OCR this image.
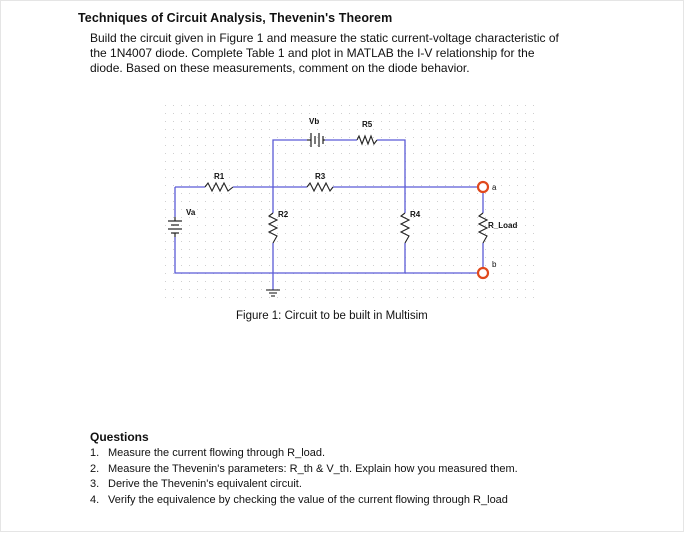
Techniques of Circuit Analysis, Thevenin's Theorem
Build the circuit given in Figure 1 and measure the static current-voltage characteristic of
the 1N4007 diode. Complete Table 1 and plot in MATLAB the I-V relationship for the
diode. Based on these measurements, comment on the diode behavior.
Vb	R5
R1	R3
Va	R2	R4
R_Load
a
b
Figure 1: Circuit to be built in Multisim
Questions
1. Measure the current flowing through R_load.
2. Measure the Thevenin's parameters: R_th & V_th. Explain how you measured them.
3. Derive the Thevenin's equivalent circuit.
4. Verify the equivalence by checking the value of the current flowing through R_load
